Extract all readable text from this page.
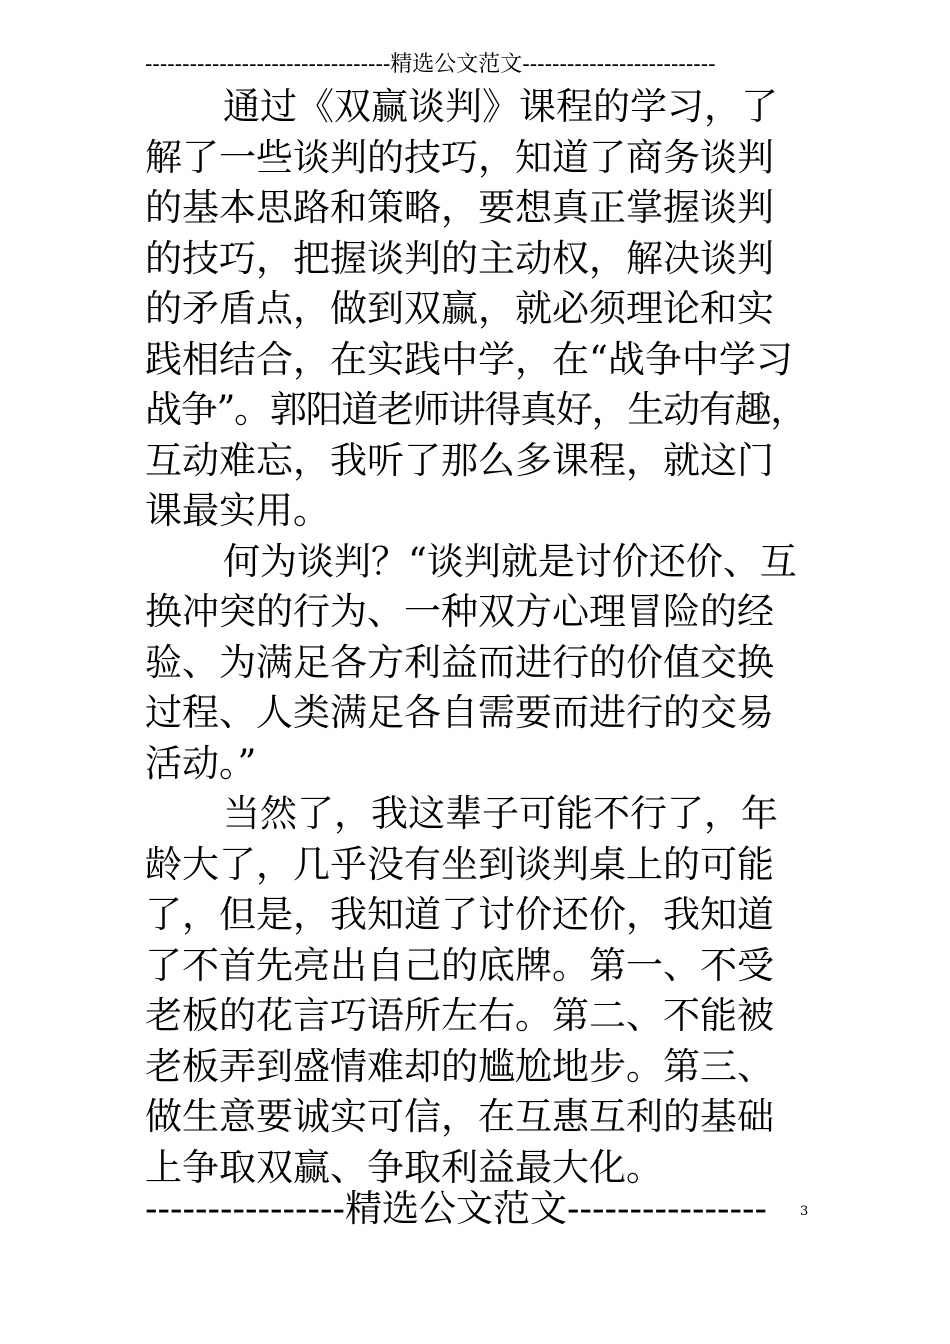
---------------------------------精选公文范文--------------------------
通过《双赢谈判》课程的学习，了
解了一些谈判的技巧，知道了商务谈判
的基本思路和策略，要想真正掌握谈判
的技巧，把握谈判的主动权，解决谈判
的矛盾点，做到双赢，就必须理论和实
践相结合，在实践中学，在“战争中学习
战争”。郭阳道老师讲得真好，生动有趣，
互动难忘，我听了那么多课程，就这门
课最实用。
何为谈判？“谈判就是讨价还价、互
换冲突的行为、一种双方心理冒险的经
验、为满足各方利益而进行的价值交换
过程、人类满足各自需要而进行的交易
活动。”
当然了，我这辈子可能不行了，年
龄大了，几乎没有坐到谈判桌上的可能
了，但是，我知道了讨价还价，我知道
了不首先亮出自己的底牌。第一、不受
老板的花言巧语所左右。第二、不能被
老板弄到盛情难却的尴尬地步。第三、
做生意要诚实可信，在互惠互利的基础
上争取双赢、争取利益最大化。
----------------精选公文范文----------------	3
